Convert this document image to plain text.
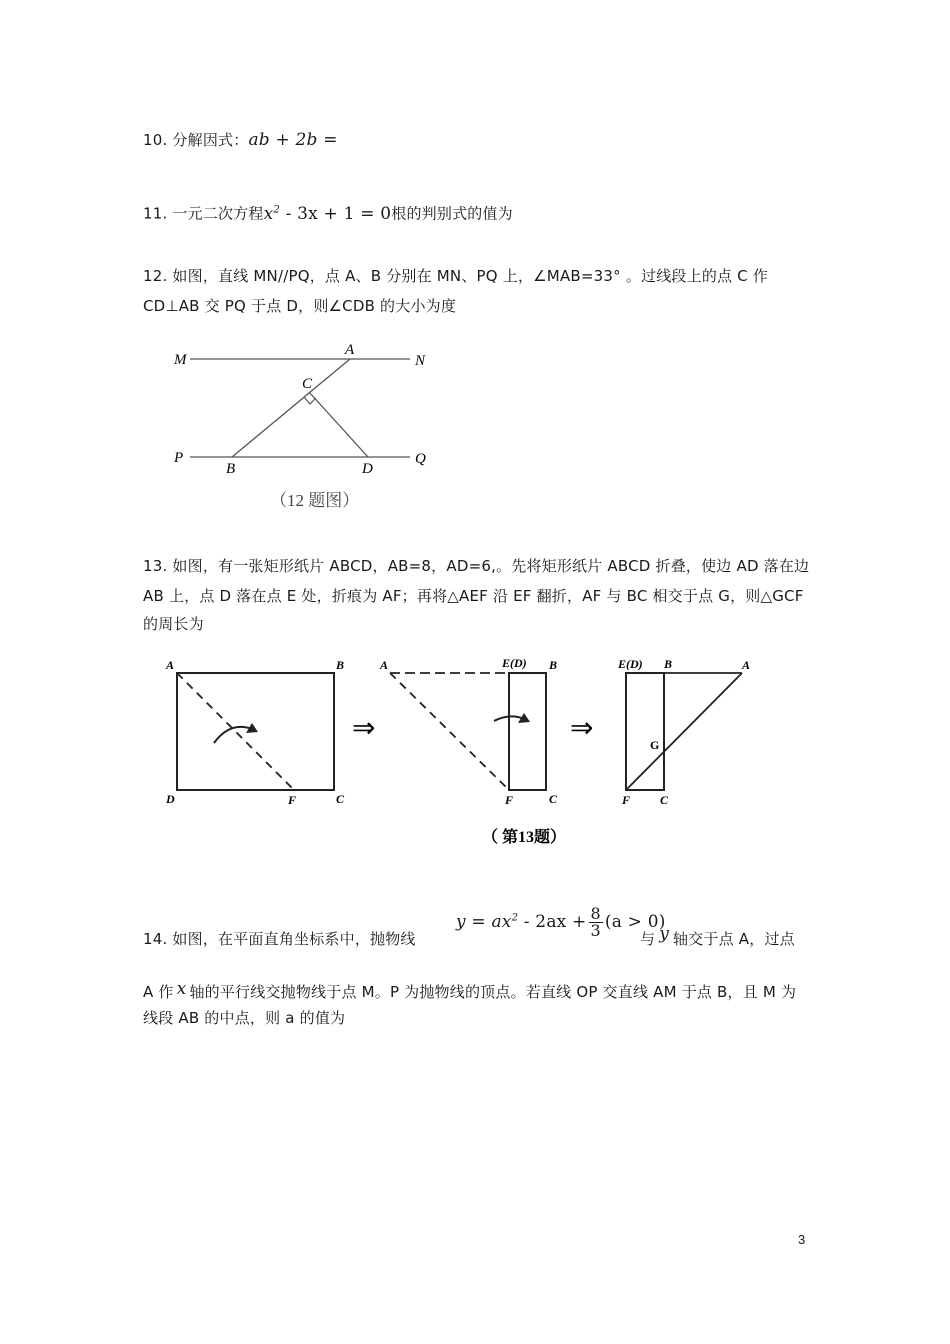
10. 分解因式：ab + 2b =
11. 一元二次方程$x^2 - 3x + 1 = 0$根的判别式的值为
12. 如图，直线 MN//PQ，点 A、B 分别在 MN、PQ 上，∠MAB=33° 。过线段上的点 C 作
CD⊥AB 交 PQ 于点 D，则∠CDB 的大小为度
M
A
N
C
P
B	D
Q
（12 题图）
13. 如图，有一张矩形纸片 ABCD，AB=8，AD=6,。先将矩形纸片 ABCD 折叠，使边 AD 落在边
AB 上，点 D 落在点 E 处，折痕为 AF；再将△AEF 沿 EF 翻折，AF 与 BC 相交于点 G，则△GCF
的周长为
A	B
D	F	C
⇒
A	E(D) B
F	C
⇒
E(D) B	A
G
F C
（ 第13题）
$y = ax^2 - 2ax + \frac{8}{3} (a > 0)$
14. 如图，在平面直角坐标系中，抛物线	与 y 轴交于点 A，过点
A 作 x 轴的平行线交抛物线于点 M。P 为抛物线的顶点。若直线 OP 交直线 AM 于点 B，且 M 为
线段 AB 的中点，则 a 的值为
3
